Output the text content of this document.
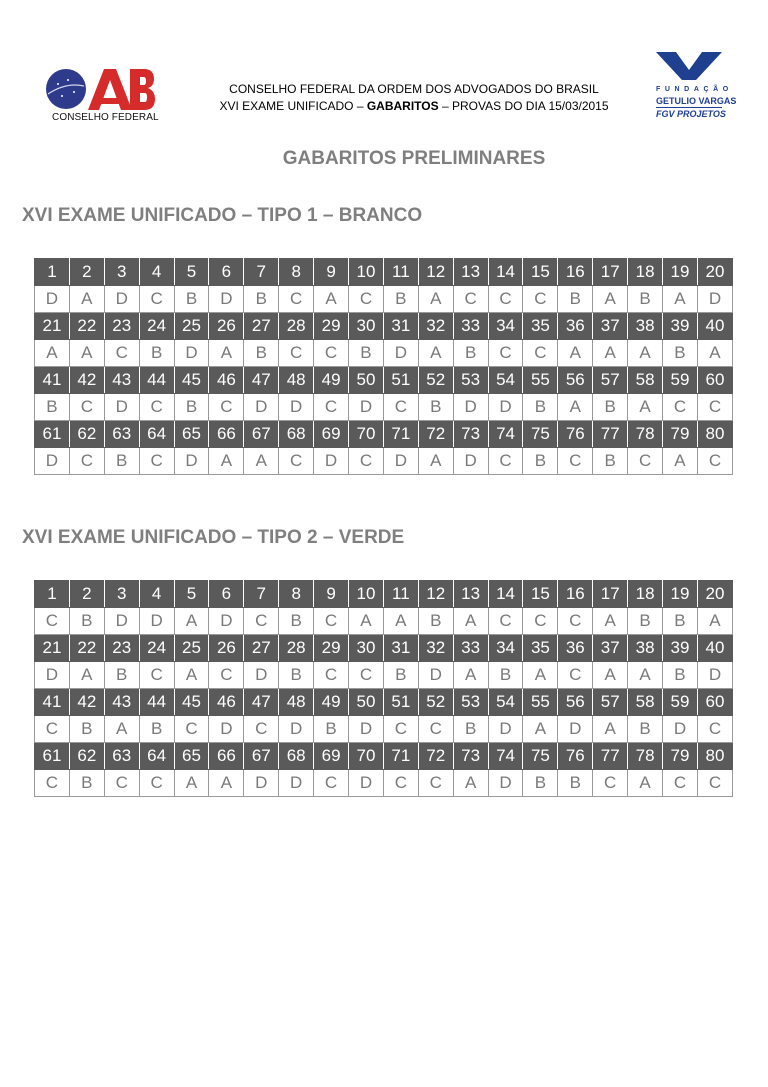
CONSELHO FEDERAL
FUNDAÇÃO
GETULIO VARGAS
FGV PROJETOS
CONSELHO FEDERAL DA ORDEM DOS ADVOGADOS DO BRASIL
XVI EXAME UNIFICADO – GABARITOS – PROVAS DO DIA 15/03/2015
GABARITOS PRELIMINARES
XVI EXAME UNIFICADO – TIPO 1 – BRANCO
1	2	3	4	5	6	7	8	9	10	11	12	13	14	15	16	17	18	19	20
D	A	D	C	B	D	B	C	A	C	B	A	C	C	C	B	A	B	A	D
21	22	23	24	25	26	27	28	29	30	31	32	33	34	35	36	37	38	39	40
A	A	C	B	D	A	B	C	C	B	D	A	B	C	C	A	A	A	B	A
41	42	43	44	45	46	47	48	49	50	51	52	53	54	55	56	57	58	59	60
B	C	D	C	B	C	D	D	C	D	C	B	D	D	B	A	B	A	C	C
61	62	63	64	65	66	67	68	69	70	71	72	73	74	75	76	77	78	79	80
D	C	B	C	D	A	A	C	D	C	D	A	D	C	B	C	B	C	A	C
XVI EXAME UNIFICADO – TIPO 2 – VERDE
1	2	3	4	5	6	7	8	9	10	11	12	13	14	15	16	17	18	19	20
C	B	D	D	A	D	C	B	C	A	A	B	A	C	C	C	A	B	B	A
21	22	23	24	25	26	27	28	29	30	31	32	33	34	35	36	37	38	39	40
D	A	B	C	A	C	D	B	C	C	B	D	A	B	A	C	A	A	B	D
41	42	43	44	45	46	47	48	49	50	51	52	53	54	55	56	57	58	59	60
C	B	A	B	C	D	C	D	B	D	C	C	B	D	A	D	A	B	D	C
61	62	63	64	65	66	67	68	69	70	71	72	73	74	75	76	77	78	79	80
C	B	C	C	A	A	D	D	C	D	C	C	A	D	B	B	C	A	C	C
